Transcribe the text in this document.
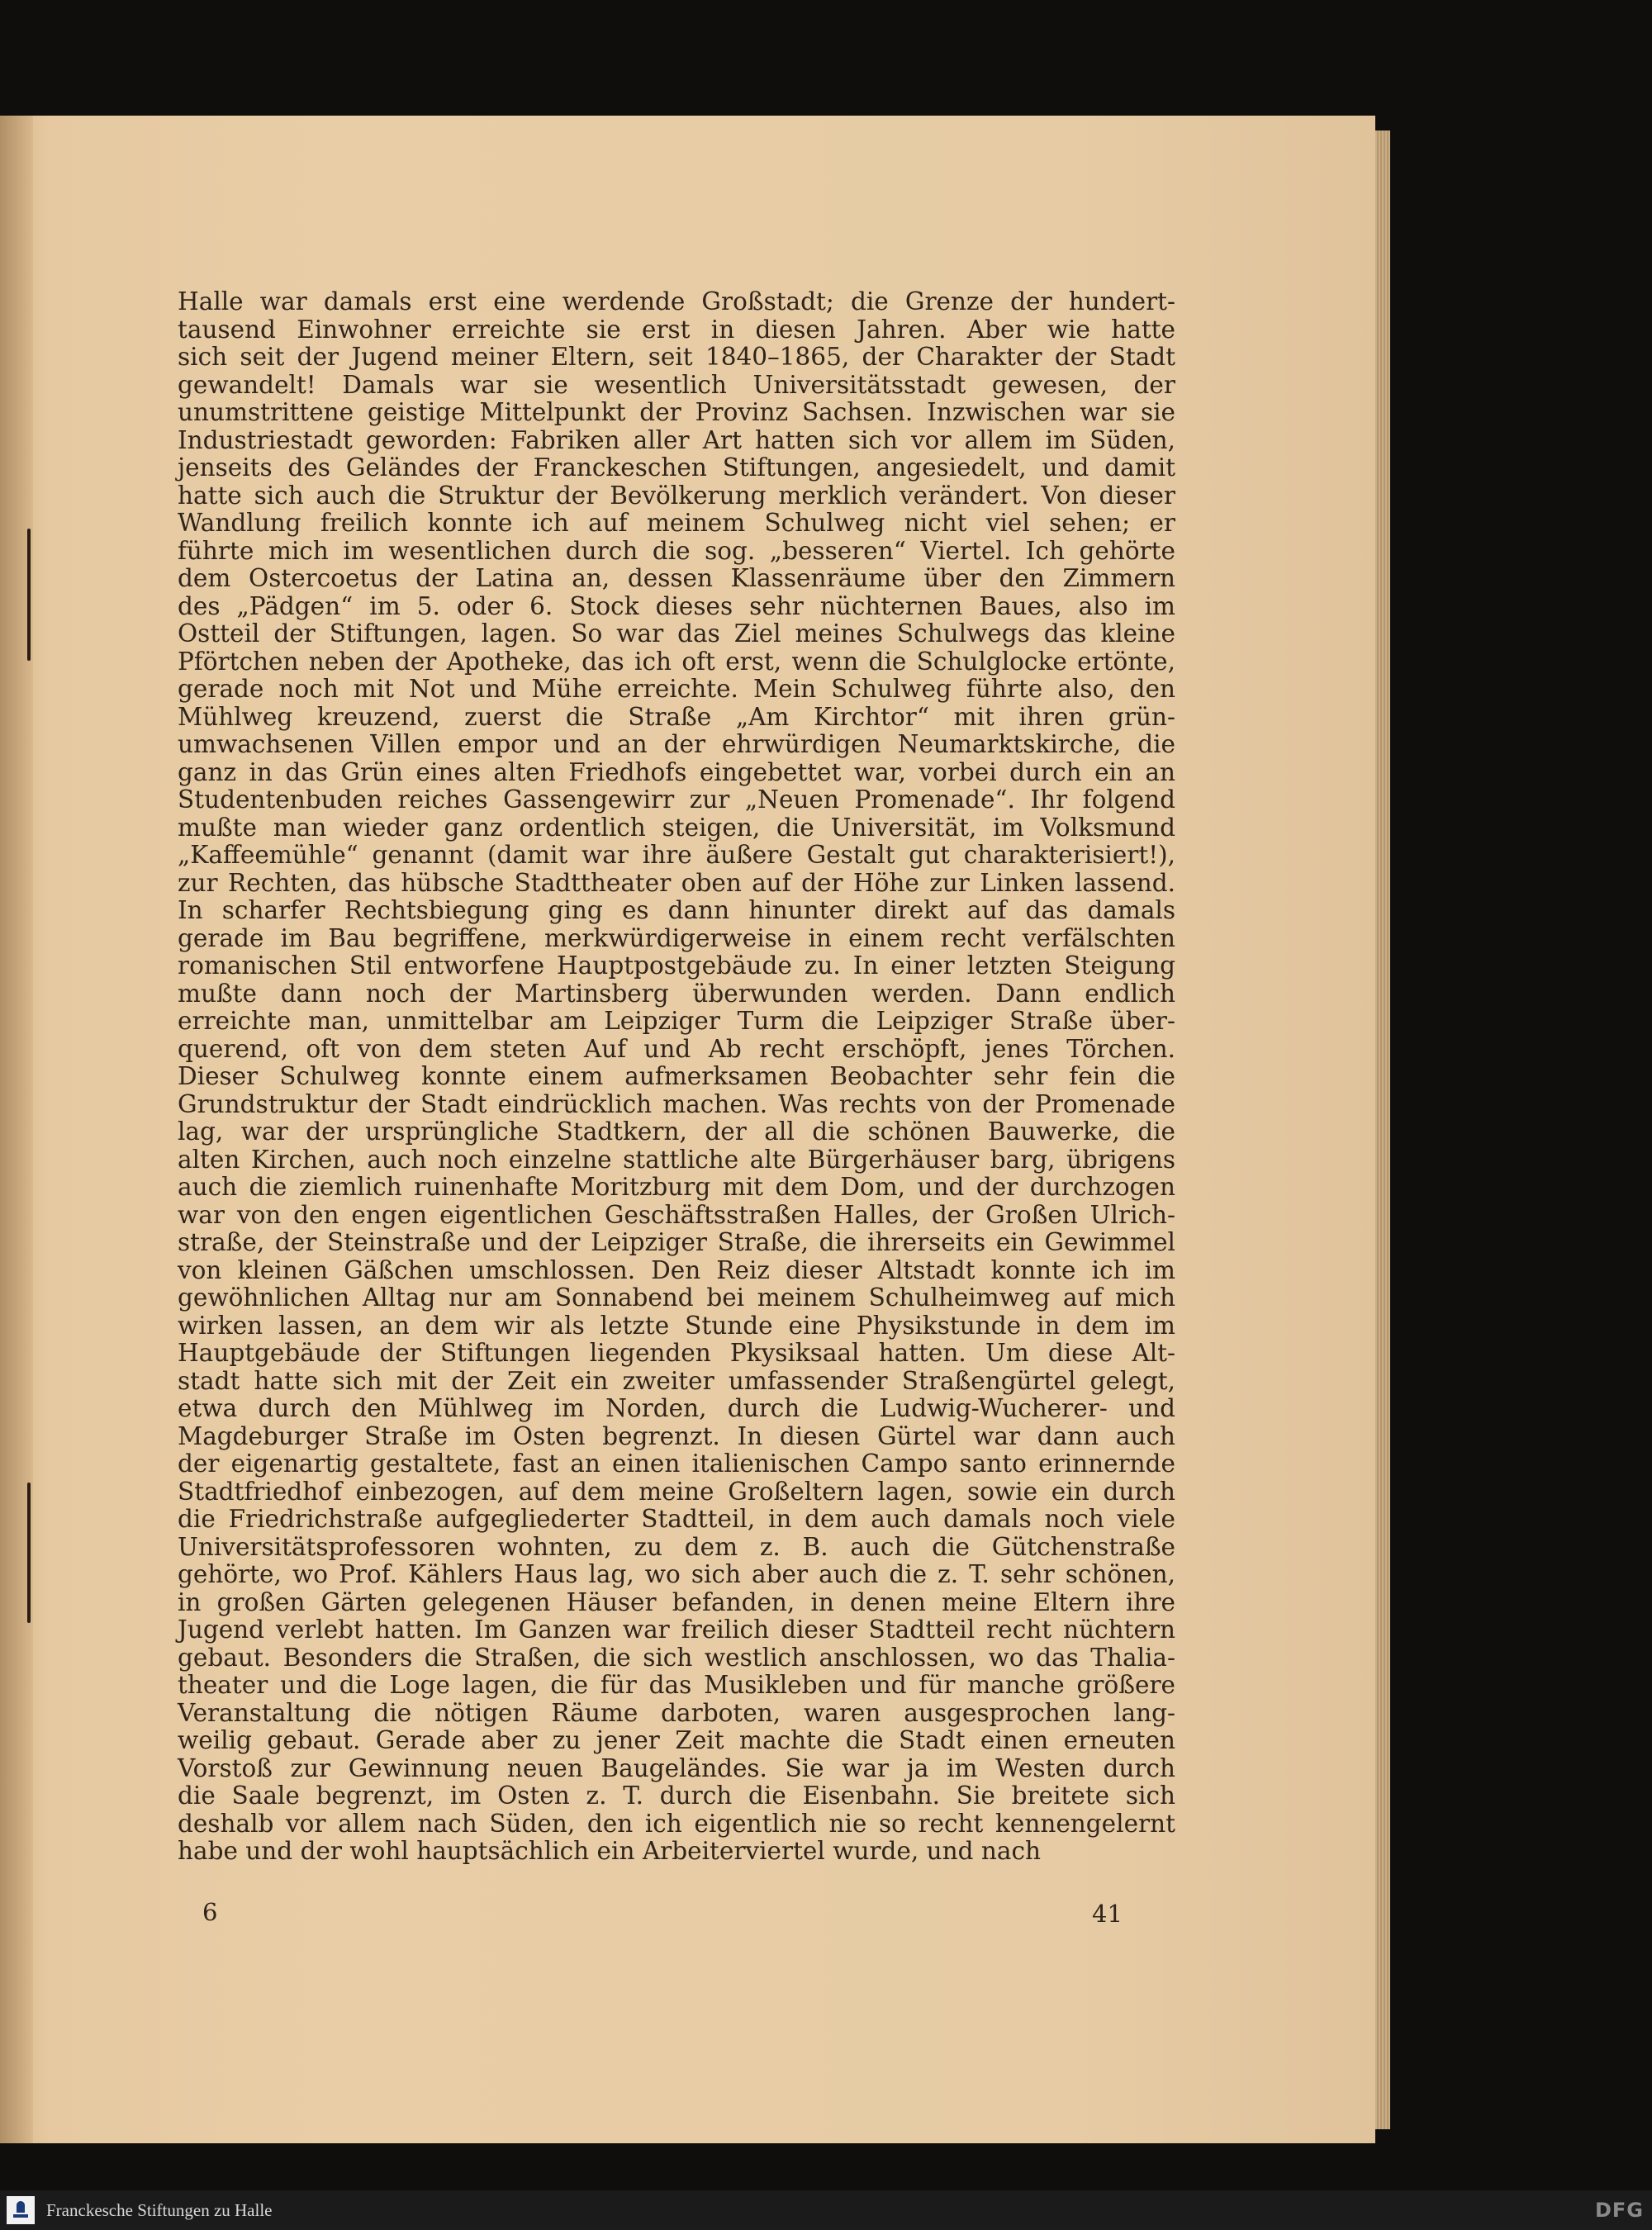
Halle war damals erst eine werdende Großstadt; die Grenze der hundert-
tausend Einwohner erreichte sie erst in diesen Jahren. Aber wie hatte
sich seit der Jugend meiner Eltern, seit 1840–1865, der Charakter der Stadt
gewandelt! Damals war sie wesentlich Universitätsstadt gewesen, der
unumstrittene geistige Mittelpunkt der Provinz Sachsen. Inzwischen war sie
Industriestadt geworden: Fabriken aller Art hatten sich vor allem im Süden,
jenseits des Geländes der Franckeschen Stiftungen, angesiedelt, und damit
hatte sich auch die Struktur der Bevölkerung merklich verändert. Von dieser
Wandlung freilich konnte ich auf meinem Schulweg nicht viel sehen; er
führte mich im wesentlichen durch die sog. „besseren“ Viertel. Ich gehörte
dem Ostercoetus der Latina an, dessen Klassenräume über den Zimmern
des „Pädgen“ im 5. oder 6. Stock dieses sehr nüchternen Baues, also im
Ostteil der Stiftungen, lagen. So war das Ziel meines Schulwegs das kleine
Pförtchen neben der Apotheke, das ich oft erst, wenn die Schulglocke ertönte,
gerade noch mit Not und Mühe erreichte. Mein Schulweg führte also, den
Mühlweg kreuzend, zuerst die Straße „Am Kirchtor“ mit ihren grün-
umwachsenen Villen empor und an der ehrwürdigen Neumarktskirche, die
ganz in das Grün eines alten Friedhofs eingebettet war, vorbei durch ein an
Studentenbuden reiches Gassengewirr zur „Neuen Promenade“. Ihr folgend
mußte man wieder ganz ordentlich steigen, die Universität, im Volksmund
„Kaffeemühle“ genannt (damit war ihre äußere Gestalt gut charakterisiert!),
zur Rechten, das hübsche Stadttheater oben auf der Höhe zur Linken lassend.
In scharfer Rechtsbiegung ging es dann hinunter direkt auf das damals
gerade im Bau begriffene, merkwürdigerweise in einem recht verfälschten
romanischen Stil entworfene Hauptpostgebäude zu. In einer letzten Steigung
mußte dann noch der Martinsberg überwunden werden. Dann endlich
erreichte man, unmittelbar am Leipziger Turm die Leipziger Straße über-
querend, oft von dem steten Auf und Ab recht erschöpft, jenes Törchen.
Dieser Schulweg konnte einem aufmerksamen Beobachter sehr fein die
Grundstruktur der Stadt eindrücklich machen. Was rechts von der Promenade
lag, war der ursprüngliche Stadtkern, der all die schönen Bauwerke, die
alten Kirchen, auch noch einzelne stattliche alte Bürgerhäuser barg, übrigens
auch die ziemlich ruinenhafte Moritzburg mit dem Dom, und der durchzogen
war von den engen eigentlichen Geschäftsstraßen Halles, der Großen Ulrich-
straße, der Steinstraße und der Leipziger Straße, die ihrerseits ein Gewimmel
von kleinen Gäßchen umschlossen. Den Reiz dieser Altstadt konnte ich im
gewöhnlichen Alltag nur am Sonnabend bei meinem Schulheimweg auf mich
wirken lassen, an dem wir als letzte Stunde eine Physikstunde in dem im
Hauptgebäude der Stiftungen liegenden Pkysiksaal hatten. Um diese Alt-
stadt hatte sich mit der Zeit ein zweiter umfassender Straßengürtel gelegt,
etwa durch den Mühlweg im Norden, durch die Ludwig-Wucherer- und
Magdeburger Straße im Osten begrenzt. In diesen Gürtel war dann auch
der eigenartig gestaltete, fast an einen italienischen Campo santo erinnernde
Stadtfriedhof einbezogen, auf dem meine Großeltern lagen, sowie ein durch
die Friedrichstraße aufgegliederter Stadtteil, in dem auch damals noch viele
Universitätsprofessoren wohnten, zu dem z. B. auch die Gütchenstraße
gehörte, wo Prof. Kählers Haus lag, wo sich aber auch die z. T. sehr schönen,
in großen Gärten gelegenen Häuser befanden, in denen meine Eltern ihre
Jugend verlebt hatten. Im Ganzen war freilich dieser Stadtteil recht nüchtern
gebaut. Besonders die Straßen, die sich westlich anschlossen, wo das Thalia-
theater und die Loge lagen, die für das Musikleben und für manche größere
Veranstaltung die nötigen Räume darboten, waren ausgesprochen lang-
weilig gebaut. Gerade aber zu jener Zeit machte die Stadt einen erneuten
Vorstoß zur Gewinnung neuen Baugeländes. Sie war ja im Westen durch
die Saale begrenzt, im Osten z. T. durch die Eisenbahn. Sie breitete sich
deshalb vor allem nach Süden, den ich eigentlich nie so recht kennengelernt
habe und der wohl hauptsächlich ein Arbeiterviertel wurde, und nach
6	41
Franckesche Stiftungen zu Halle	DFG
